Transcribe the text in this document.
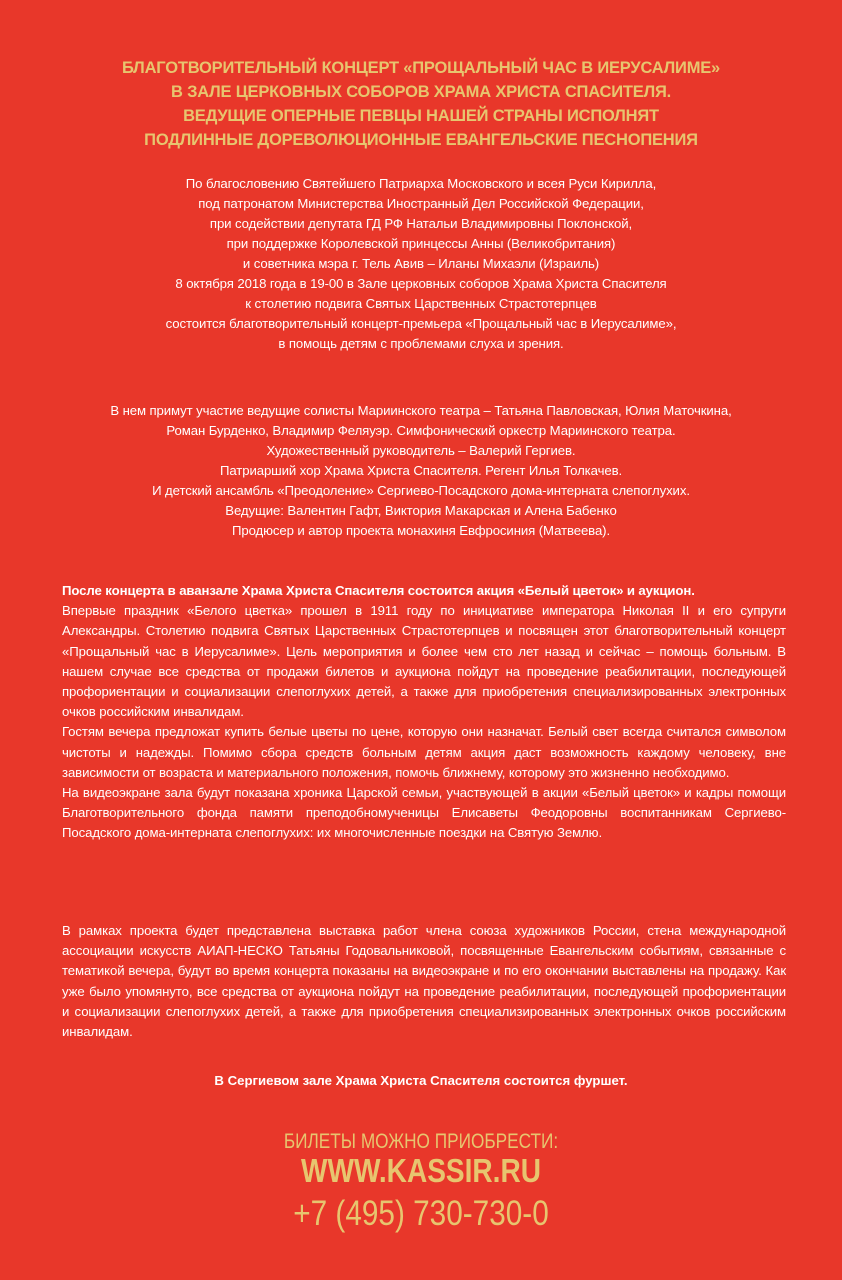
БЛАГОТВОРИТЕЛЬНЫЙ КОНЦЕРТ «ПРОЩАЛЬНЫЙ ЧАС В ИЕРУСАЛИМЕ»
В ЗАЛЕ ЦЕРКОВНЫХ СОБОРОВ ХРАМА ХРИСТА СПАСИТЕЛЯ.
ВЕДУЩИЕ ОПЕРНЫЕ ПЕВЦЫ НАШЕЙ СТРАНЫ ИСПОЛНЯТ
ПОДЛИННЫЕ ДОРЕВОЛЮЦИОННЫЕ ЕВАНГЕЛЬСКИЕ ПЕСНОПЕНИЯ
По благословению Святейшего Патриарха Московского и всея Руси Кирилла,
под патронатом Министерства Иностранный Дел Российской Федерации,
при содействии депутата ГД РФ Натальи Владимировны Поклонской,
при поддержке Королевской принцессы Анны (Великобритания)
и советника мэра г. Тель Авив – Иланы Михаэли (Израиль)
8 октября 2018 года в 19-00 в Зале церковных соборов Храма Христа Спасителя
к столетию подвига Святых Царственных Страстотерпцев
состоится благотворительный концерт-премьера «Прощальный час в Иерусалиме»,
в помощь детям с проблемами слуха и зрения.
В нем примут участие ведущие солисты Мариинского театра – Татьяна Павловская, Юлия Маточкина,
Роман Бурденко, Владимир Феляуэр. Симфонический оркестр Мариинского театра.
Художественный руководитель – Валерий Гергиев.
Патриарший хор Храма Христа Спасителя. Регент Илья Толкачев.
И детский ансамбль «Преодоление» Сергиево-Посадского дома-интерната слепоглухих.
Ведущие: Валентин Гафт, Виктория Макарская и Алена Бабенко
Продюсер и автор проекта монахиня Евфросиния (Матвеева).

После концерта в аванзале Храма Христа Спасителя состоится акция «Белый цветок» и аукцион.

Впервые праздник «Белого цветка» прошел в 1911 году по инициативе императора Николая II и его супруги Александры. Столетию подвига Святых Царственных Страстотерпцев и посвящен этот благотворительный концерт «Прощальный час в Иерусалиме». Цель мероприятия и более чем сто лет назад и сейчас – помощь больным. В нашем случае все средства от продажи билетов и аукциона пойдут на проведение реабилитации, последующей профориентации и социализации слепоглухих детей, а также для приобретения специализированных электронных очков российским инвалидам.

Гостям вечера предложат купить белые цветы по цене, которую они назначат. Белый свет всегда считался символом чистоты и надежды. Помимо сбора средств больным детям акция даст возможность каждому человеку, вне зависимости от возраста и материального положения, помочь ближнему, которому это жизненно необходимо.

На видеоэкране зала будут показана хроника Царской семьи, участвующей в акции «Белый цветок» и кадры помощи Благотворительного фонда памяти преподобномученицы Елисаветы Феодоровны воспитанникам Сергиево-Посадского дома-интерната слепоглухих: их многочисленные поездки на Святую Землю.

В рамках проекта будет представлена выставка работ члена союза художников России, стена международной ассоциации искусств АИАП-НЕСКО Татьяны Годовальниковой, посвященные Евангельским событиям, связанные с тематикой вечера, будут во время концерта показаны на видеоэкране и по его окончании выставлены на продажу. Как уже было упомянуто, все средства от аукциона пойдут на проведение реабилитации, последующей профориентации и социализации слепоглухих детей, а также для приобретения специализированных электронных очков российским инвалидам.

В Сергиевом зале Храма Христа Спасителя состоится фуршет.
БИЛЕТЫ МОЖНО ПРИОБРЕСТИ:
WWW.KASSIR.RU
+7 (495) 730-730-0
